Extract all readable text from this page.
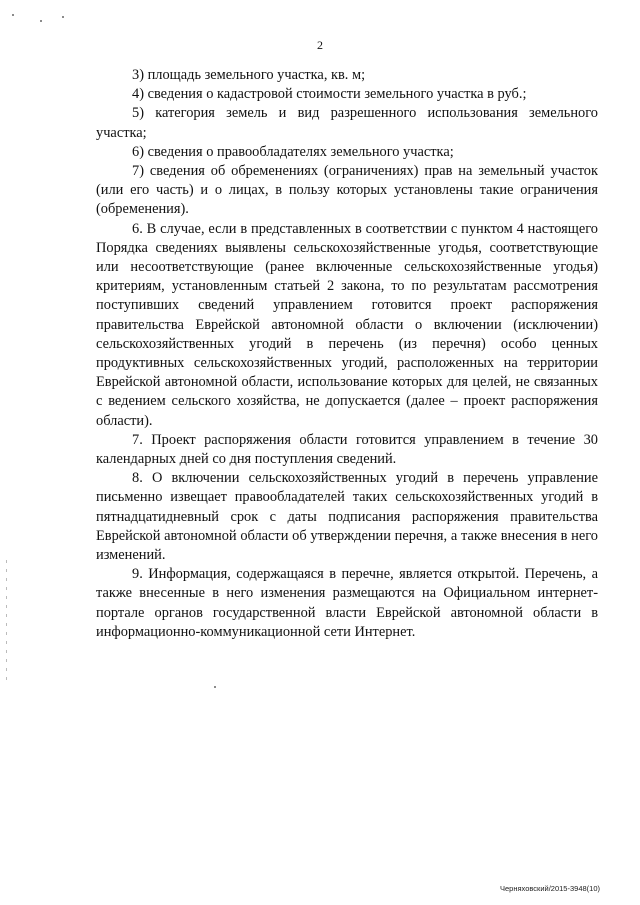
2

3) площадь земельного участка, кв. м;

4) сведения о кадастровой стоимости земельного участка в руб.;

5) категория земель и вид разрешенного использования земельного участка;

6) сведения о правообладателях земельного участка;

7) сведения об обременениях (ограничениях) прав на земельный участок (или его часть) и о лицах, в пользу которых установлены такие ограничения (обременения).

6. В случае, если в представленных в соответствии с пунктом 4 настоящего Порядка сведениях выявлены сельскохозяйственные угодья, соответствующие или несоответствующие (ранее включенные сельскохозяйственные угодья) критериям, установленным статьей 2 закона, то по результатам рассмотрения поступивших сведений управлением готовится проект распоряжения правительства Еврейской автономной области о включении (исключении) сельскохозяйственных угодий в перечень (из перечня) особо ценных продуктивных сельскохозяйственных угодий, расположенных на территории Еврейской автономной области, использование которых для целей, не связанных с ведением сельского хозяйства, не допускается (далее – проект распоряжения области).

7. Проект распоряжения области готовится управлением в течение 30 календарных дней со дня поступления сведений.

8. О включении сельскохозяйственных угодий в перечень управление письменно извещает правообладателей таких сельскохозяйственных угодий в пятнадцатидневный срок с даты подписания распоряжения правительства Еврейской автономной области об утверждении перечня, а также внесения в него изменений.

9. Информация, содержащаяся в перечне, является открытой. Перечень, а также внесенные в него изменения размещаются на Официальном интернет-портале органов государственной власти Еврейской автономной области в информационно-коммуникационной сети Интернет.

Черняховский/2015-3948(10)
